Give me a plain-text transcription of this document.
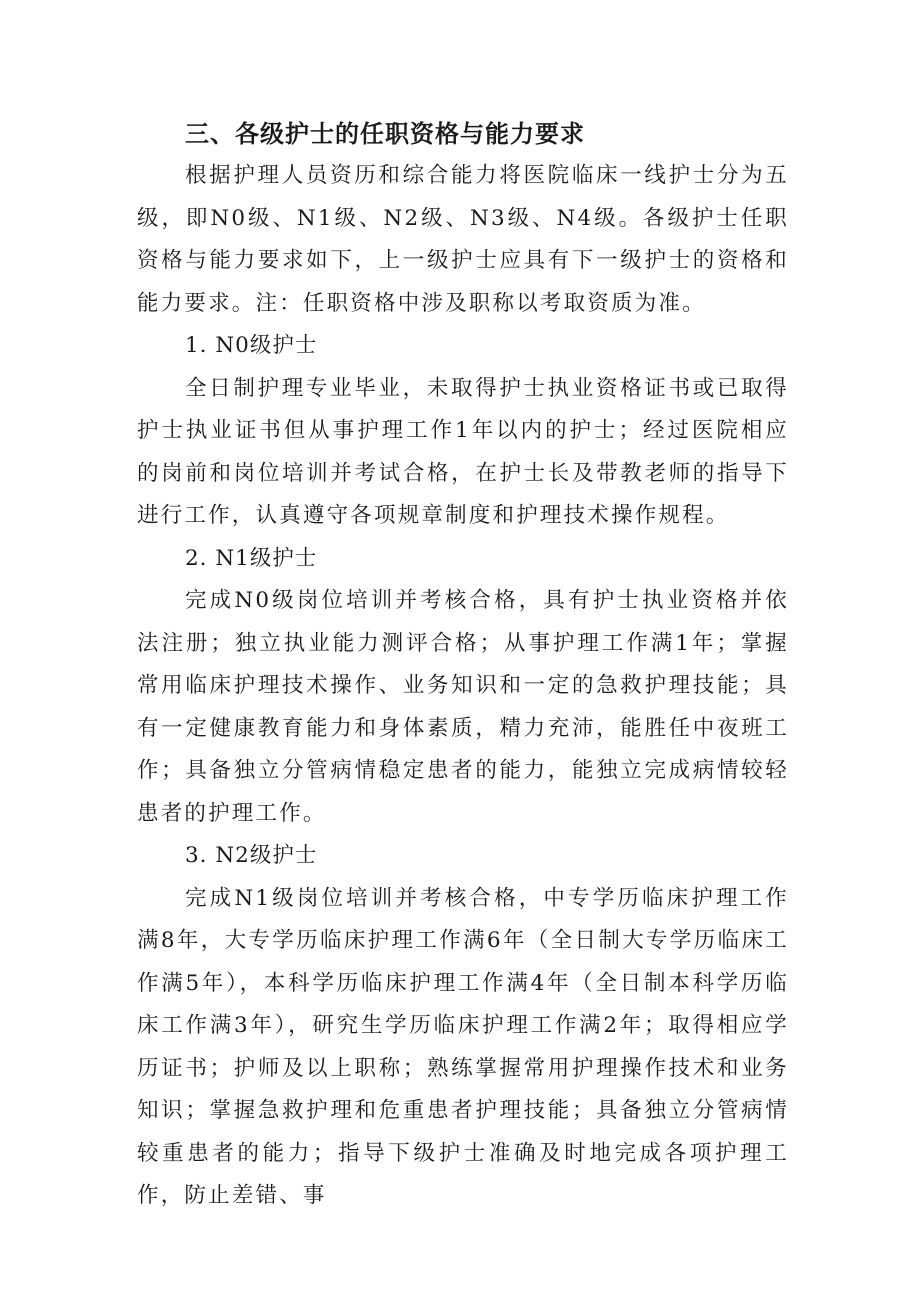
三、各级护士的任职资格与能力要求

根据护理人员资历和综合能力将医院临床一线护士分为五级，即N0级、N1级、N2级、N3级、N4级。各级护士任职资格与能力要求如下，上一级护士应具有下一级护士的资格和能力要求。注：任职资格中涉及职称以考取资质为准。

1. N0级护士

全日制护理专业毕业，未取得护士执业资格证书或已取得护士执业证书但从事护理工作1年以内的护士；经过医院相应的岗前和岗位培训并考试合格，在护士长及带教老师的指导下进行工作，认真遵守各项规章制度和护理技术操作规程。

2. N1级护士

完成N0级岗位培训并考核合格，具有护士执业资格并依法注册；独立执业能力测评合格；从事护理工作满1年；掌握常用临床护理技术操作、业务知识和一定的急救护理技能；具有一定健康教育能力和身体素质，精力充沛，能胜任中夜班工作；具备独立分管病情稳定患者的能力，能独立完成病情较轻患者的护理工作。

3. N2级护士

完成N1级岗位培训并考核合格，中专学历临床护理工作满8年，大专学历临床护理工作满6年（全日制大专学历临床工作满5年），本科学历临床护理工作满4年（全日制本科学历临床工作满3年），研究生学历临床护理工作满2年；取得相应学历证书；护师及以上职称；熟练掌握常用护理操作技术和业务知识；掌握急救护理和危重患者护理技能；具备独立分管病情较重患者的能力；指导下级护士准确及时地完成各项护理工作，防止差错、事
